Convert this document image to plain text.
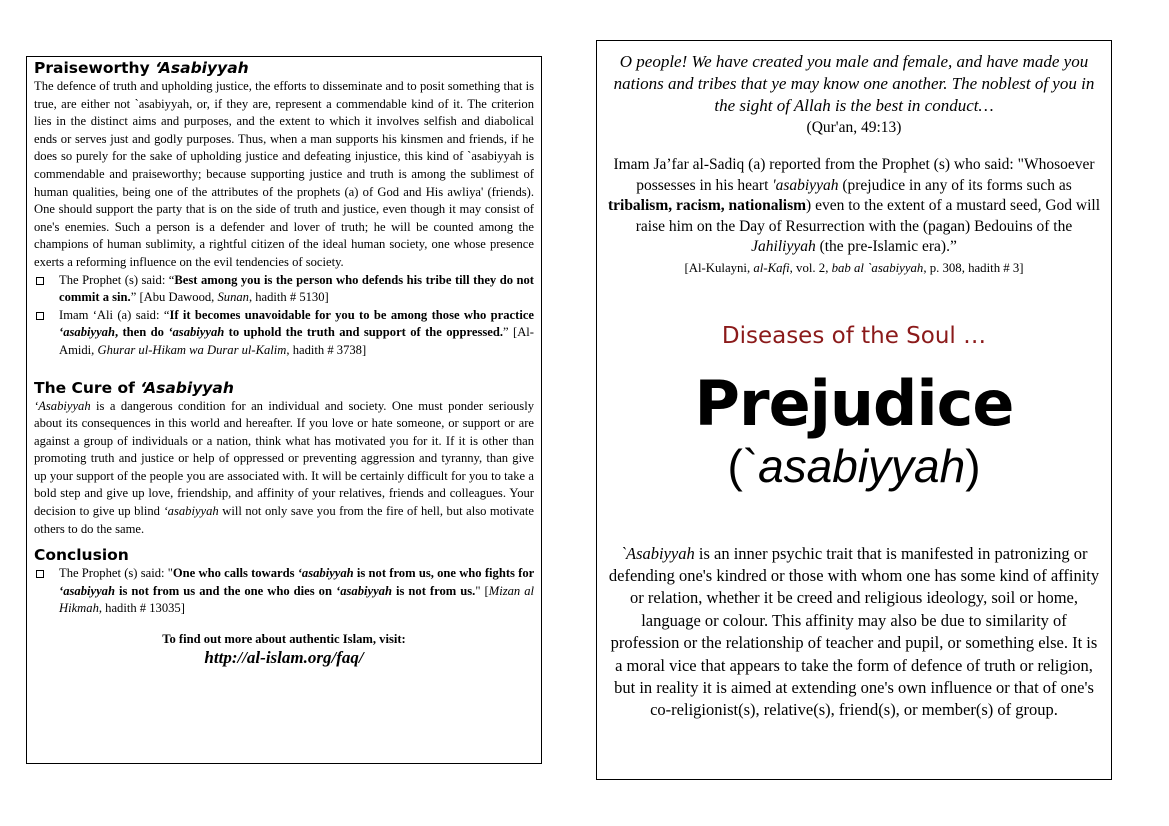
Praiseworthy ‘Asabiyyah

The defence of truth and upholding justice, the efforts to disseminate and to posit something that is true, are either not `asabiyyah, or, if they are, represent a commendable kind of it. The criterion lies in the distinct aims and purposes, and the extent to which it involves selfish and diabolical ends or serves just and godly purposes. Thus, when a man supports his kinsmen and friends, if he does so purely for the sake of upholding justice and defeating injustice, this kind of `asabiyyah is commendable and praiseworthy; because supporting justice and truth is among the sublimest of human qualities, being one of the attributes of the prophets (a) of God and His awliya' (friends). One should support the party that is on the side of truth and justice, even though it may consist of one's enemies. Such a person is a defender and lover of truth; he will be counted among the champions of human sublimity, a rightful citizen of the ideal human society, one whose presence exerts a reforming influence on the evil tendencies of society.

The Prophet (s) said: “Best among you is the person who defends his tribe till they do not commit a sin.” [Abu Dawood, Sunan, hadith # 5130]
Imam ‘Ali (a) said: “If it becomes unavoidable for you to be among those who practice ‘asabiyyah, then do ‘asabiyyah to uphold the truth and support of the oppressed.” [Al-Amidi, Ghurar ul-Hikam wa Durar ul-Kalim, hadith # 3738]
The Cure of ‘Asabiyyah

‘Asabiyyah is a dangerous condition for an individual and society. One must ponder seriously about its consequences in this world and hereafter. If you love or hate someone, or support or are against a group of individuals or a nation, think what has motivated you for it. If it is other than promoting truth and justice or help of oppressed or preventing aggression and tyranny, than give up your support of the people you are associated with. It will be certainly difficult for you to take a bold step and give up love, friendship, and affinity of your relatives, friends and colleagues. Your decision to give up blind ‘asabiyyah will not only save you from the fire of hell, but also motivate others to do the same.

Conclusion
The Prophet (s) said: "One who calls towards ‘asabiyyah is not from us, one who fights for ‘asabiyyah is not from us and the one who dies on ‘asabiyyah is not from us." [Mizan al Hikmah, hadith # 13035]
To find out more about authentic Islam, visit:
http://al-islam.org/faq/

O people! We have created you male and female, and have made you nations and tribes that ye may know one another. The noblest of you in the sight of Allah is the best in conduct…

(Qur'an, 49:13)

Imam Ja’far al-Sadiq (a) reported from the Prophet (s) who said: "Whosoever possesses in his heart 'asabiyyah (prejudice in any of its forms such as tribalism, racism, nationalism) even to the extent of a mustard seed, God will raise him on the Day of Resurrection with the (pagan) Bedouins of the Jahiliyyah (the pre-Islamic era).”

[Al-Kulayni, al-Kafi, vol. 2, bab al `asabiyyah, p. 308, hadith # 3]

Diseases of the Soul …

Prejudice

(`asabiyyah)

`Asabiyyah is an inner psychic trait that is manifested in patronizing or defending one's kindred or those with whom one has some kind of affinity or relation, whether it be creed and religious ideology, soil or home, language or colour. This affinity may also be due to similarity of profession or the relationship of teacher and pupil, or something else. It is a moral vice that appears to take the form of defence of truth or religion, but in reality it is aimed at extending one's own influence or that of one's co-religionist(s), relative(s), friend(s), or member(s) of group.
